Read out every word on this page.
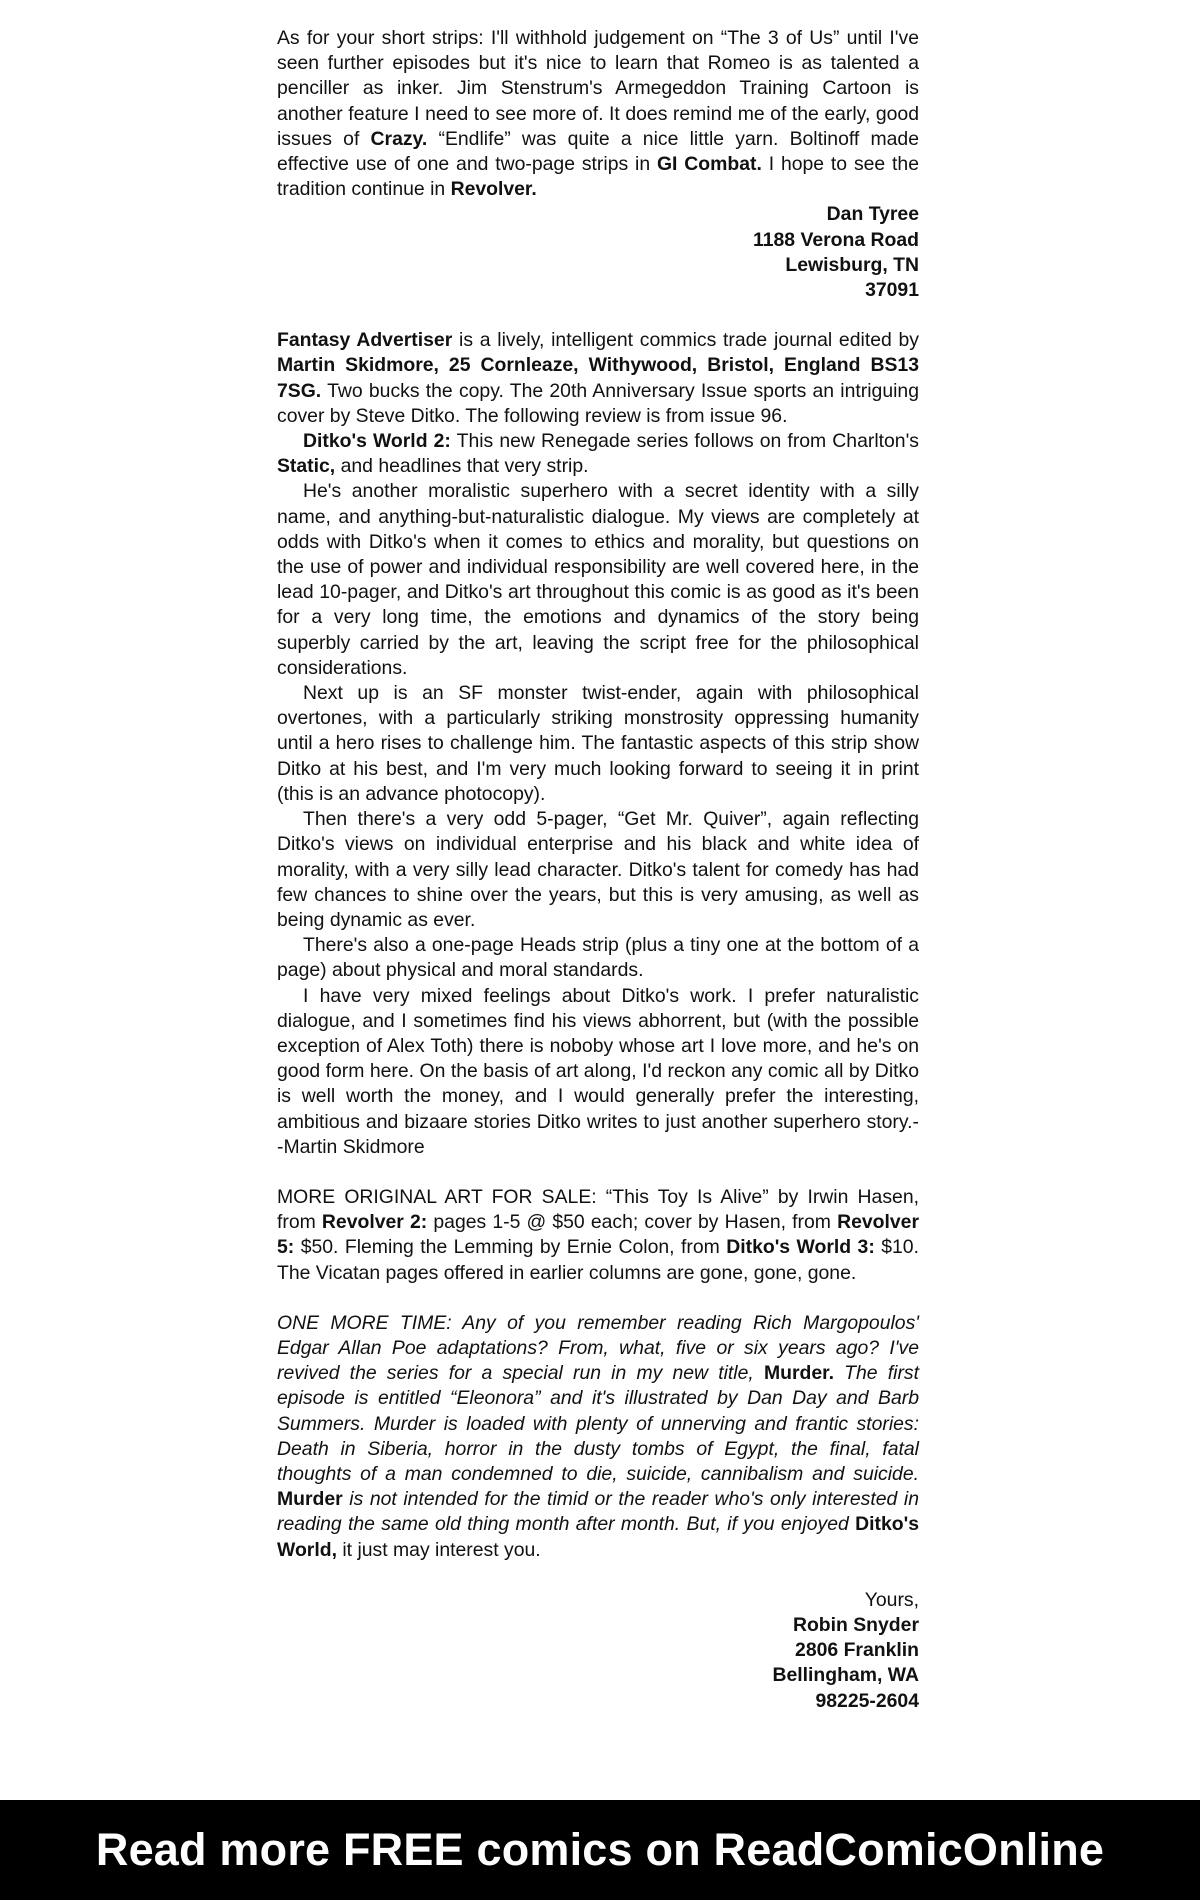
As for your short strips: I'll withhold judgement on “The 3 of Us” until I've seen further episodes but it's nice to learn that Romeo is as talented a penciller as inker. Jim Stenstrum's Armegeddon Training Cartoon is another feature I need to see more of. It does remind me of the early, good issues of Crazy. “Endlife” was quite a nice little yarn. Boltinoff made effective use of one and two-page strips in GI Combat. I hope to see the tradition continue in Revolver.

Dan Tyree
1188 Verona Road
Lewisburg, TN
37091

Fantasy Advertiser is a lively, intelligent commics trade journal edited by Martin Skidmore, 25 Cornleaze, Withywood, Bristol, England BS13 7SG. Two bucks the copy. The 20th Anniversary Issue sports an intriguing cover by Steve Ditko. The following review is from issue 96.

Ditko's World 2: This new Renegade series follows on from Charlton's Static, and headlines that very strip.

He's another moralistic superhero with a secret identity with a silly name, and anything-but-naturalistic dialogue. My views are completely at odds with Ditko's when it comes to ethics and morality, but questions on the use of power and individual responsibility are well covered here, in the lead 10-pager, and Ditko's art throughout this comic is as good as it's been for a very long time, the emotions and dynamics of the story being superbly carried by the art, leaving the script free for the philosophical considerations.

Next up is an SF monster twist-ender, again with philosophical overtones, with a particularly striking monstrosity oppressing humanity until a hero rises to challenge him. The fantastic aspects of this strip show Ditko at his best, and I'm very much looking forward to seeing it in print (this is an advance photocopy).

Then there's a very odd 5-pager, “Get Mr. Quiver”, again reflecting Ditko's views on individual enterprise and his black and white idea of morality, with a very silly lead character. Ditko's talent for comedy has had few chances to shine over the years, but this is very amusing, as well as being dynamic as ever.

There's also a one-page Heads strip (plus a tiny one at the bottom of a page) about physical and moral standards.

I have very mixed feelings about Ditko's work. I prefer naturalistic dialogue, and I sometimes find his views abhorrent, but (with the possible exception of Alex Toth) there is noboby whose art I love more, and he's on good form here. On the basis of art along, I'd reckon any comic all by Ditko is well worth the money, and I would generally prefer the interesting, ambitious and bizaare stories Ditko writes to just another superhero story.--Martin Skidmore

MORE ORIGINAL ART FOR SALE: “This Toy Is Alive” by Irwin Hasen, from Revolver 2: pages 1-5 @ $50 each; cover by Hasen, from Revolver 5: $50. Fleming the Lemming by Ernie Colon, from Ditko's World 3: $10. The Vicatan pages offered in earlier columns are gone, gone, gone.

ONE MORE TIME: Any of you remember reading Rich Margopoulos' Edgar Allan Poe adaptations? From, what, five or six years ago? I've revived the series for a special run in my new title, Murder. The first episode is entitled “Eleonora” and it's illustrated by Dan Day and Barb Summers. Murder is loaded with plenty of unnerving and frantic stories: Death in Siberia, horror in the dusty tombs of Egypt, the final, fatal thoughts of a man condemned to die, suicide, cannibalism and suicide. Murder is not intended for the timid or the reader who's only interested in reading the same old thing month after month. But, if you enjoyed Ditko's World, it just may interest you.

Yours,
Robin Snyder
2806 Franklin
Bellingham, WA
98225-2604
Read more FREE comics on ReadComicOnline
